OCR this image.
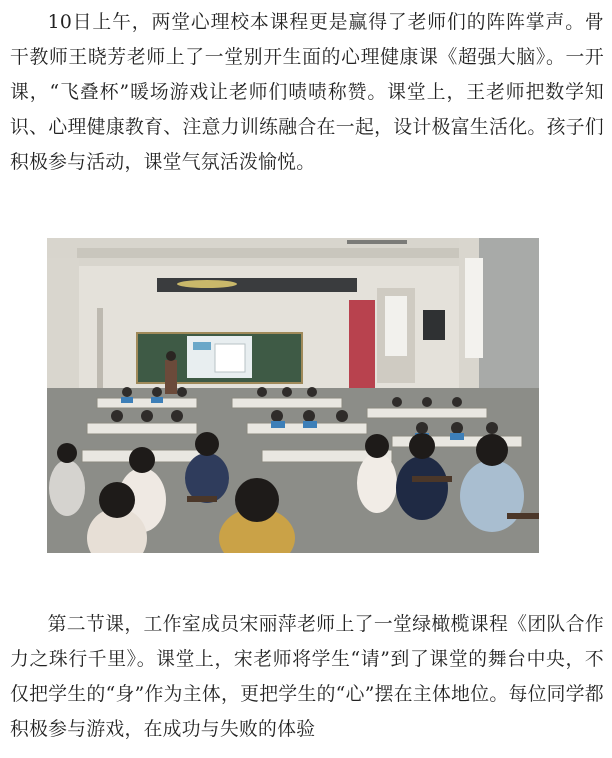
10日上午，两堂心理校本课程更是赢得了老师们的阵阵掌声。骨干教师王晓芳老师上了一堂别开生面的心理健康课《超强大脑》。一开课，“飞叠杯”暖场游戏让老师们啧啧称赞。课堂上，王老师把数学知识、心理健康教育、注意力训练融合在一起，设计极富生活化。孩子们积极参与活动，课堂气氛活泼愉悦。

第二节课，工作室成员宋丽萍老师上了一堂绿橄榄课程《团队合作力之珠行千里》。课堂上，宋老师将学生“请”到了课堂的舞台中央，不仅把学生的“身”作为主体，更把学生的“心”摆在主体地位。每位同学都积极参与游戏，在成功与失败的体验
